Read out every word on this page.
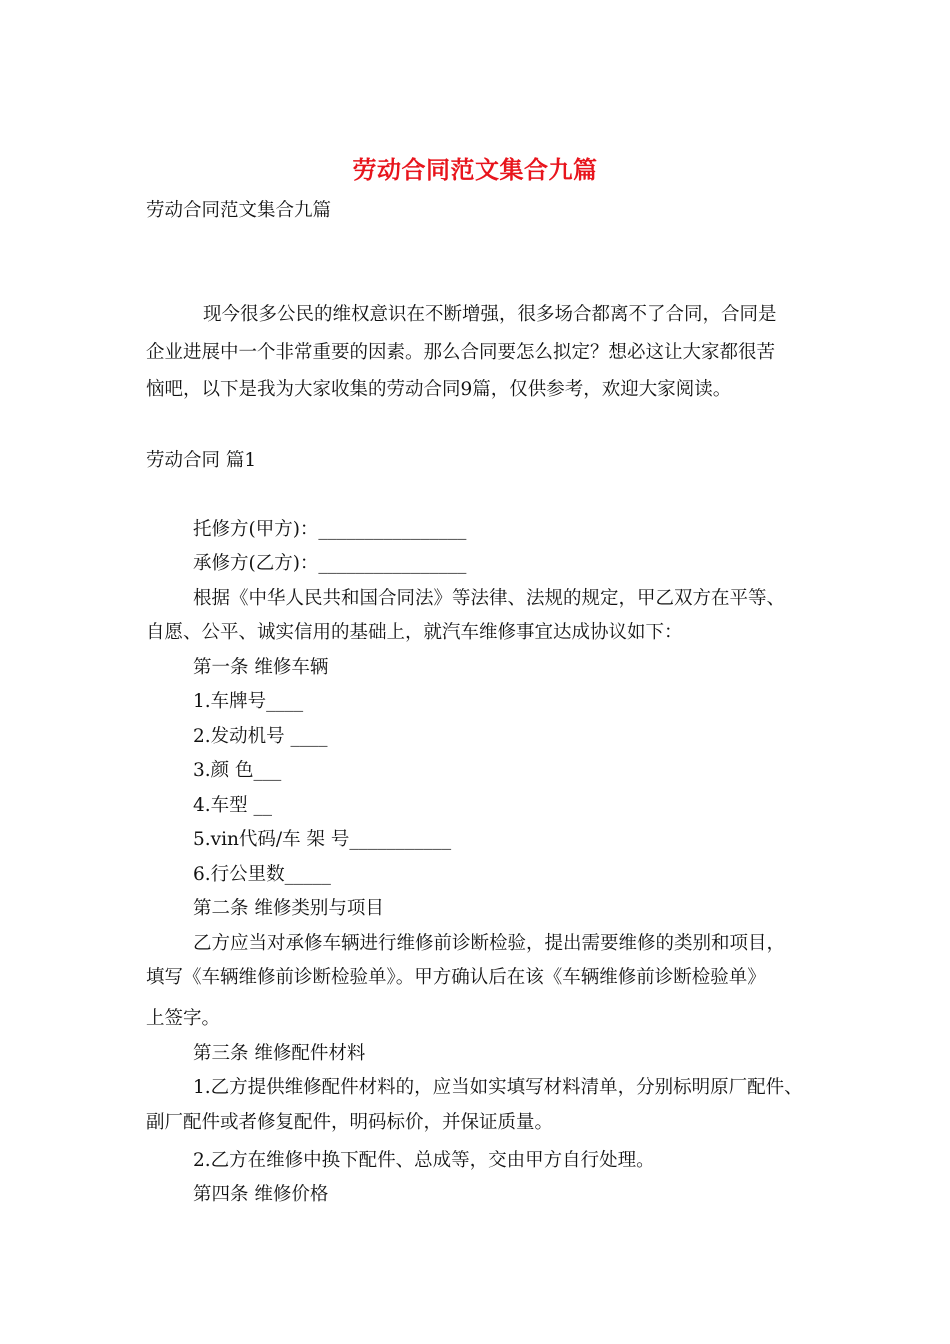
劳动合同范文集合九篇
劳动合同范文集合九篇
现今很多公民的维权意识在不断增强，很多场合都离不了合同，合同是
企业进展中一个非常重要的因素。那么合同要怎么拟定？想必这让大家都很苦
恼吧，以下是我为大家收集的劳动合同9篇，仅供参考，欢迎大家阅读。
劳动合同 篇1
托修方(甲方)：________________
承修方(乙方)：________________
根据《中华人民共和国合同法》等法律、法规的规定，甲乙双方在平等、
自愿、公平、诚实信用的基础上，就汽车维修事宜达成协议如下：
第一条 维修车辆
1.车牌号____
2.发动机号 ____
3.颜 色___
4.车型 __
5.vin代码/车 架 号___________
6.行公里数_____
第二条 维修类别与项目
乙方应当对承修车辆进行维修前诊断检验，提出需要维修的类别和项目，
填写《车辆维修前诊断检验单》。甲方确认后在该《车辆维修前诊断检验单》
上签字。
第三条 维修配件材料
1.乙方提供维修配件材料的，应当如实填写材料清单，分别标明原厂配件、
副厂配件或者修复配件，明码标价，并保证质量。
2.乙方在维修中换下配件、总成等，交由甲方自行处理。
第四条 维修价格
